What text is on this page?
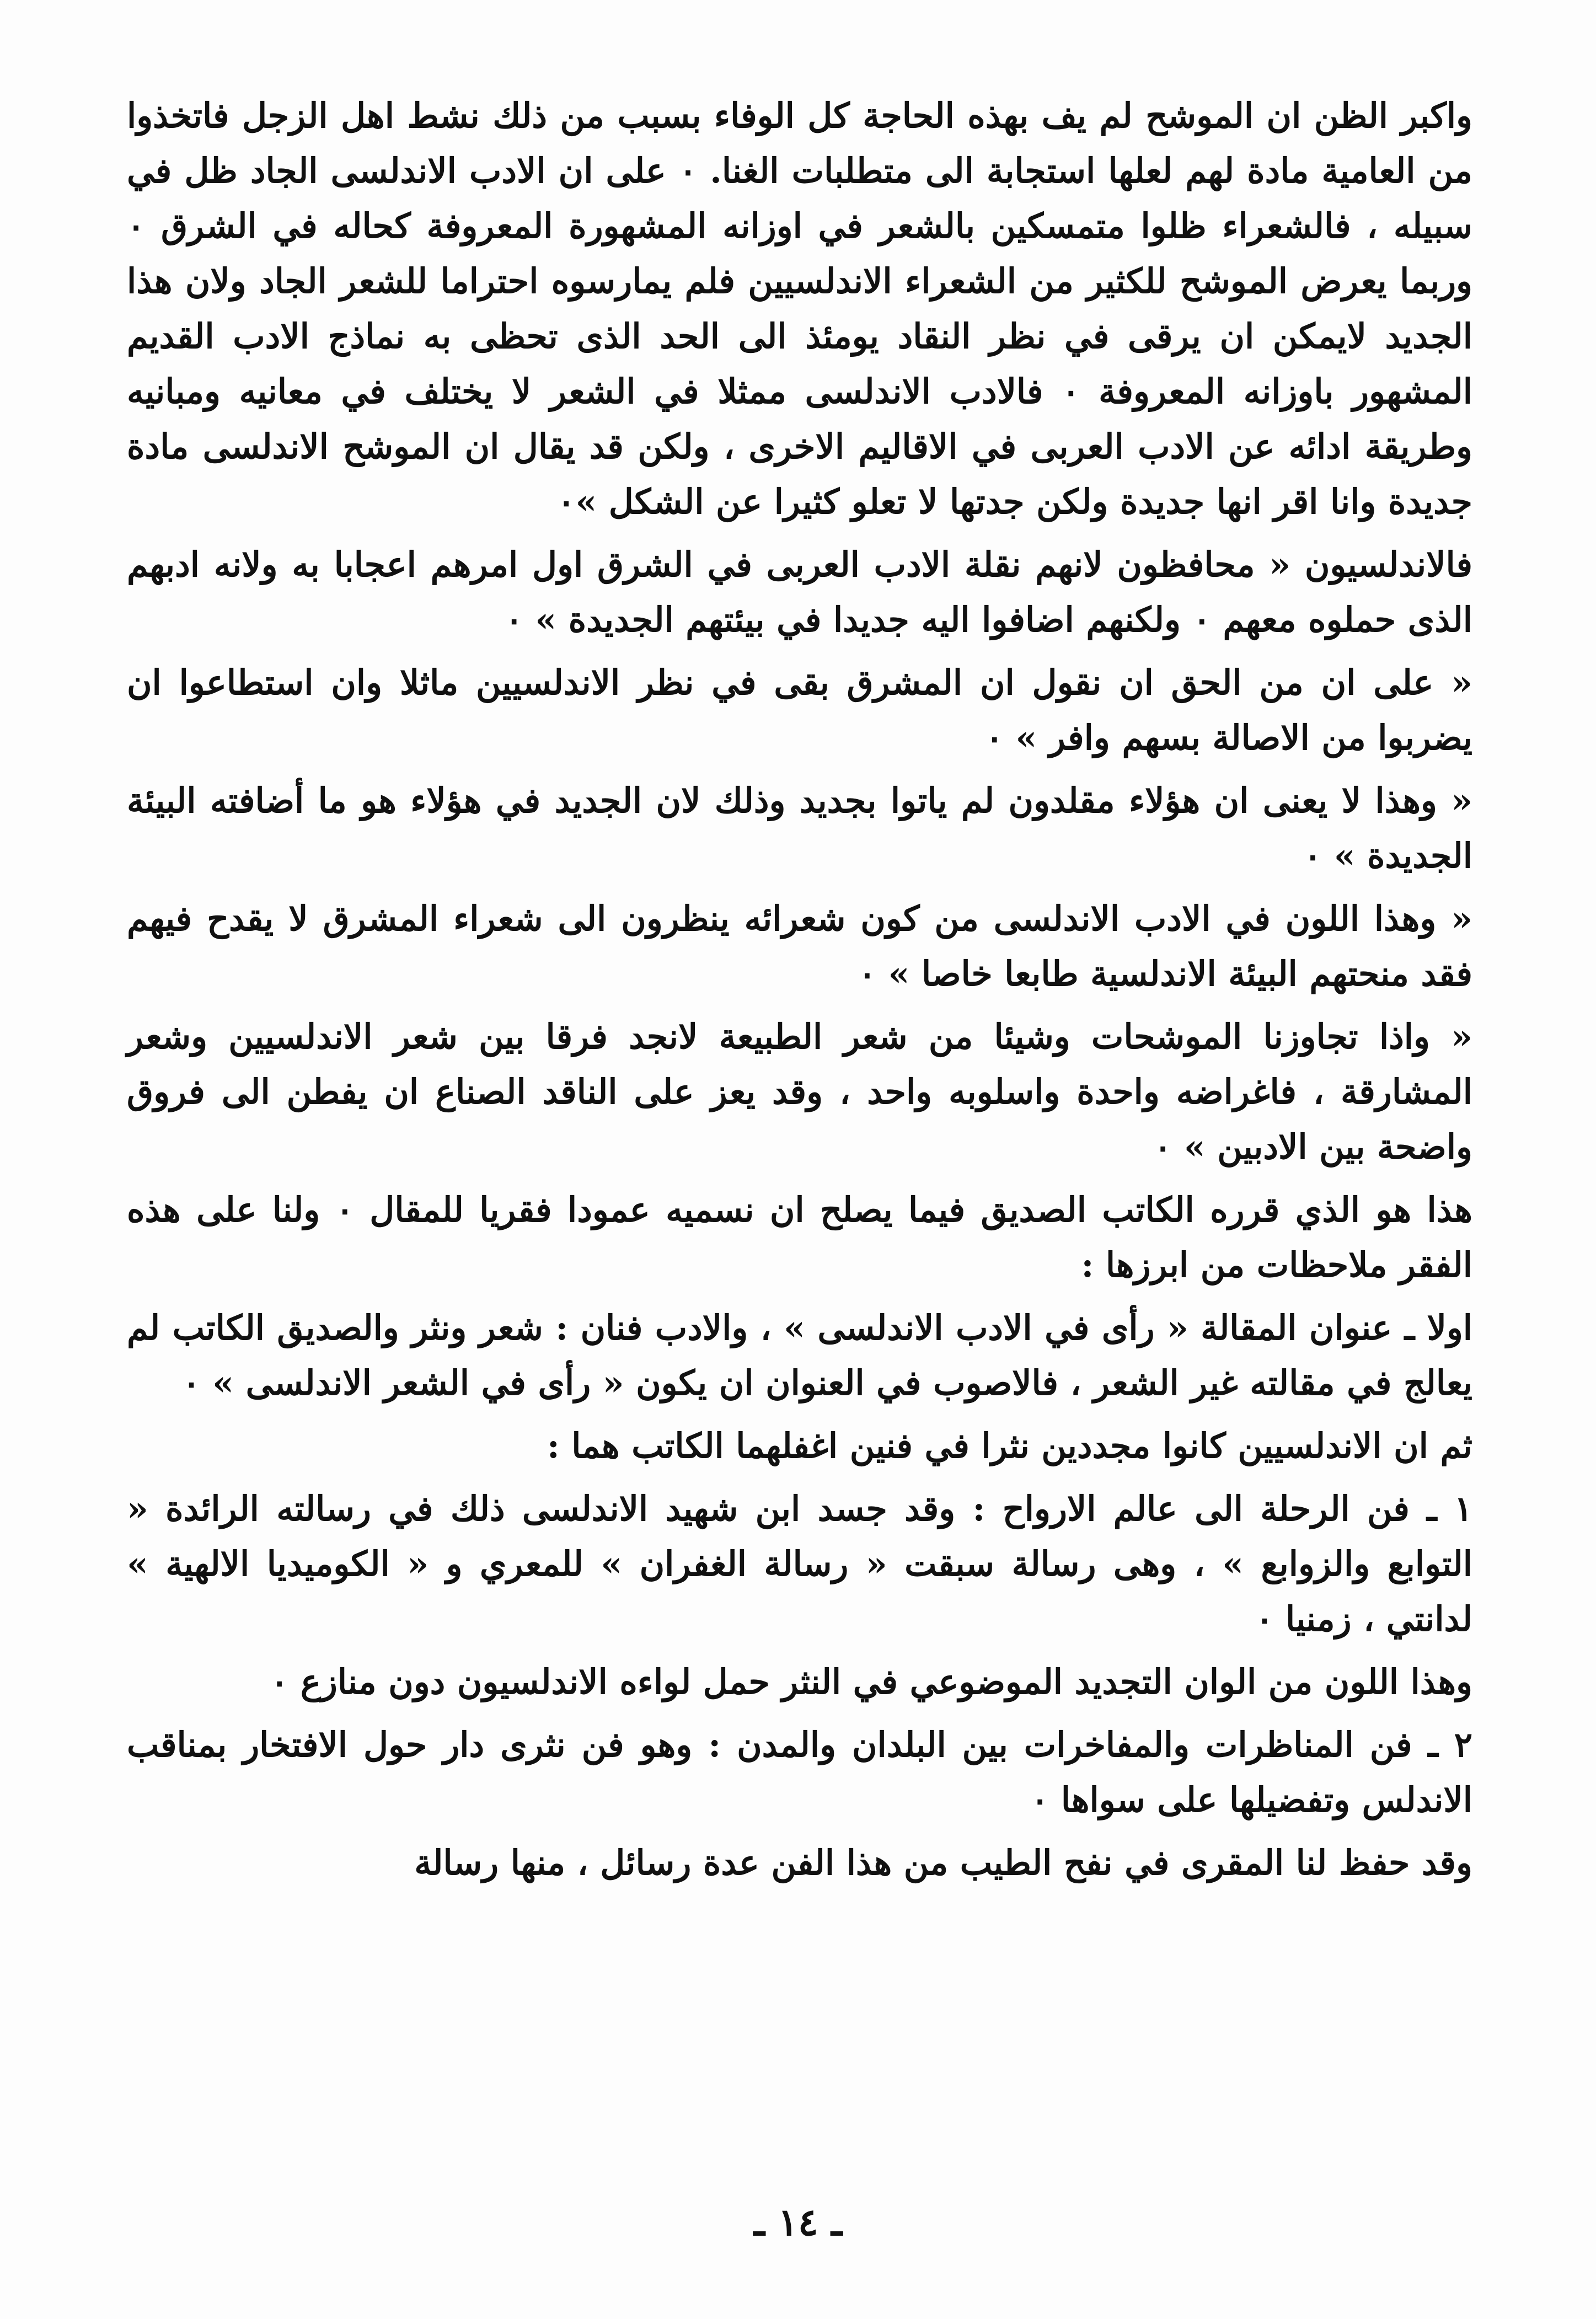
واكبر الظن ان الموشح لم يف بهذه الحاجة كل الوفاء بسبب من ذلك نشط اهل الزجل فاتخذوا من العامية مادة لهم لعلها استجابة الى متطلبات الغنا. ٠ على ان الادب الاندلسى الجاد ظل في سبيله ، فالشعراء ظلوا متمسكين بالشعر في اوزانه المشهورة المعروفة كحاله في الشرق ٠ وربما يعرض الموشح للكثير من الشعراء الاندلسيين فلم يمارسوه احتراما للشعر الجاد ولان هذا الجديد لايمكن ان يرقى في نظر النقاد يومئذ الى الحد الذى تحظى به نماذج الادب القديم المشهور باوزانه المعروفة ٠ فالادب الاندلسى ممثلا في الشعر لا يختلف في معانيه ومبانيه وطريقة ادائه عن الادب العربى في الاقاليم الاخرى ، ولكن قد يقال ان الموشح الاندلسى مادة جديدة وانا اقر انها جديدة ولكن جدتها لا تعلو كثيرا عن الشكل »٠

فالاندلسيون « محافظون لانهم نقلة الادب العربى في الشرق اول امرهم اعجابا به ولانه ادبهم الذى حملوه معهم ٠ ولكنهم اضافوا اليه جديدا في بيئتهم الجديدة » ٠

« على ان من الحق ان نقول ان المشرق بقى في نظر الاندلسيين ماثلا وان استطاعوا ان يضربوا من الاصالة بسهم وافر » ٠

« وهذا لا يعنى ان هؤلاء مقلدون لم ياتوا بجديد وذلك لان الجديد في هؤلاء هو ما أضافته البيئة الجديدة » ٠

« وهذا اللون في الادب الاندلسى من كون شعرائه ينظرون الى شعراء المشرق لا يقدح فيهم فقد منحتهم البيئة الاندلسية طابعا خاصا » ٠

« واذا تجاوزنا الموشحات وشيئا من شعر الطبيعة لانجد فرقا بين شعر الاندلسيين وشعر المشارقة ، فاغراضه واحدة واسلوبه واحد ، وقد يعز على الناقد الصناع ان يفطن الى فروق واضحة بين الادبين » ٠

هذا هو الذي قرره الكاتب الصديق فيما يصلح ان نسميه عمودا فقريا للمقال ٠ ولنا على هذه الفقر ملاحظات من ابرزها :

اولا ـ عنوان المقالة « رأى في الادب الاندلسى » ، والادب فنان : شعر ونثر والصديق الكاتب لم يعالج في مقالته غير الشعر ، فالاصوب في العنوان ان يكون « رأى في الشعر الاندلسى » ٠

ثم ان الاندلسيين كانوا مجددين نثرا في فنين اغفلهما الكاتب هما :

١ ـ فن الرحلة الى عالم الارواح : وقد جسد ابن شهيد الاندلسى ذلك في رسالته الرائدة « التوابع والزوابع » ، وهى رسالة سبقت « رسالة الغفران » للمعري و « الكوميديا الالهية » لدانتي ، زمنيا ٠

وهذا اللون من الوان التجديد الموضوعي في النثر حمل لواءه الاندلسيون دون منازع ٠

٢ ـ فن المناظرات والمفاخرات بين البلدان والمدن : وهو فن نثرى دار حول الافتخار بمناقب الاندلس وتفضيلها على سواها ٠

وقد حفظ لنا المقرى في نفح الطيب من هذا الفن عدة رسائل ، منها رسالة

ـ ١٤ ـ
